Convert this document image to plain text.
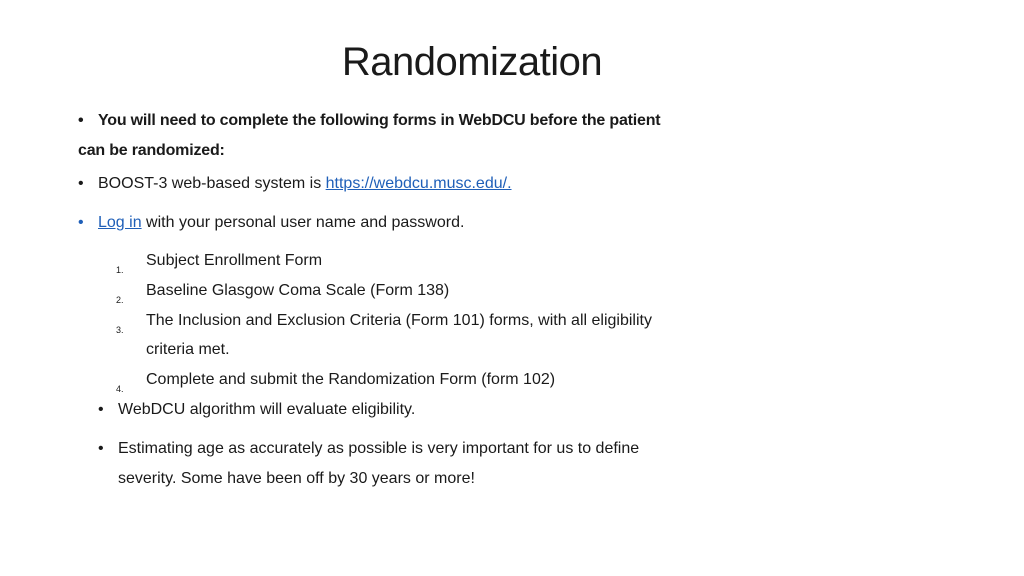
Randomization
• You will need to complete the following forms in WebDCU before the patient
can be randomized:
• BOOST-3 web-based system is https://webdcu.musc.edu/.
• Log in with your personal user name and password.
1.
Subject Enrollment Form
2.
Baseline Glasgow Coma Scale (Form 138)
3.
The Inclusion and Exclusion Criteria (Form 101) forms, with all eligibility
criteria met.
4.
Complete and submit the Randomization Form (form 102)
• WebDCU algorithm will evaluate eligibility.
• Estimating age as accurately as possible is very important for us to define
severity. Some have been off by 30 years or more!
